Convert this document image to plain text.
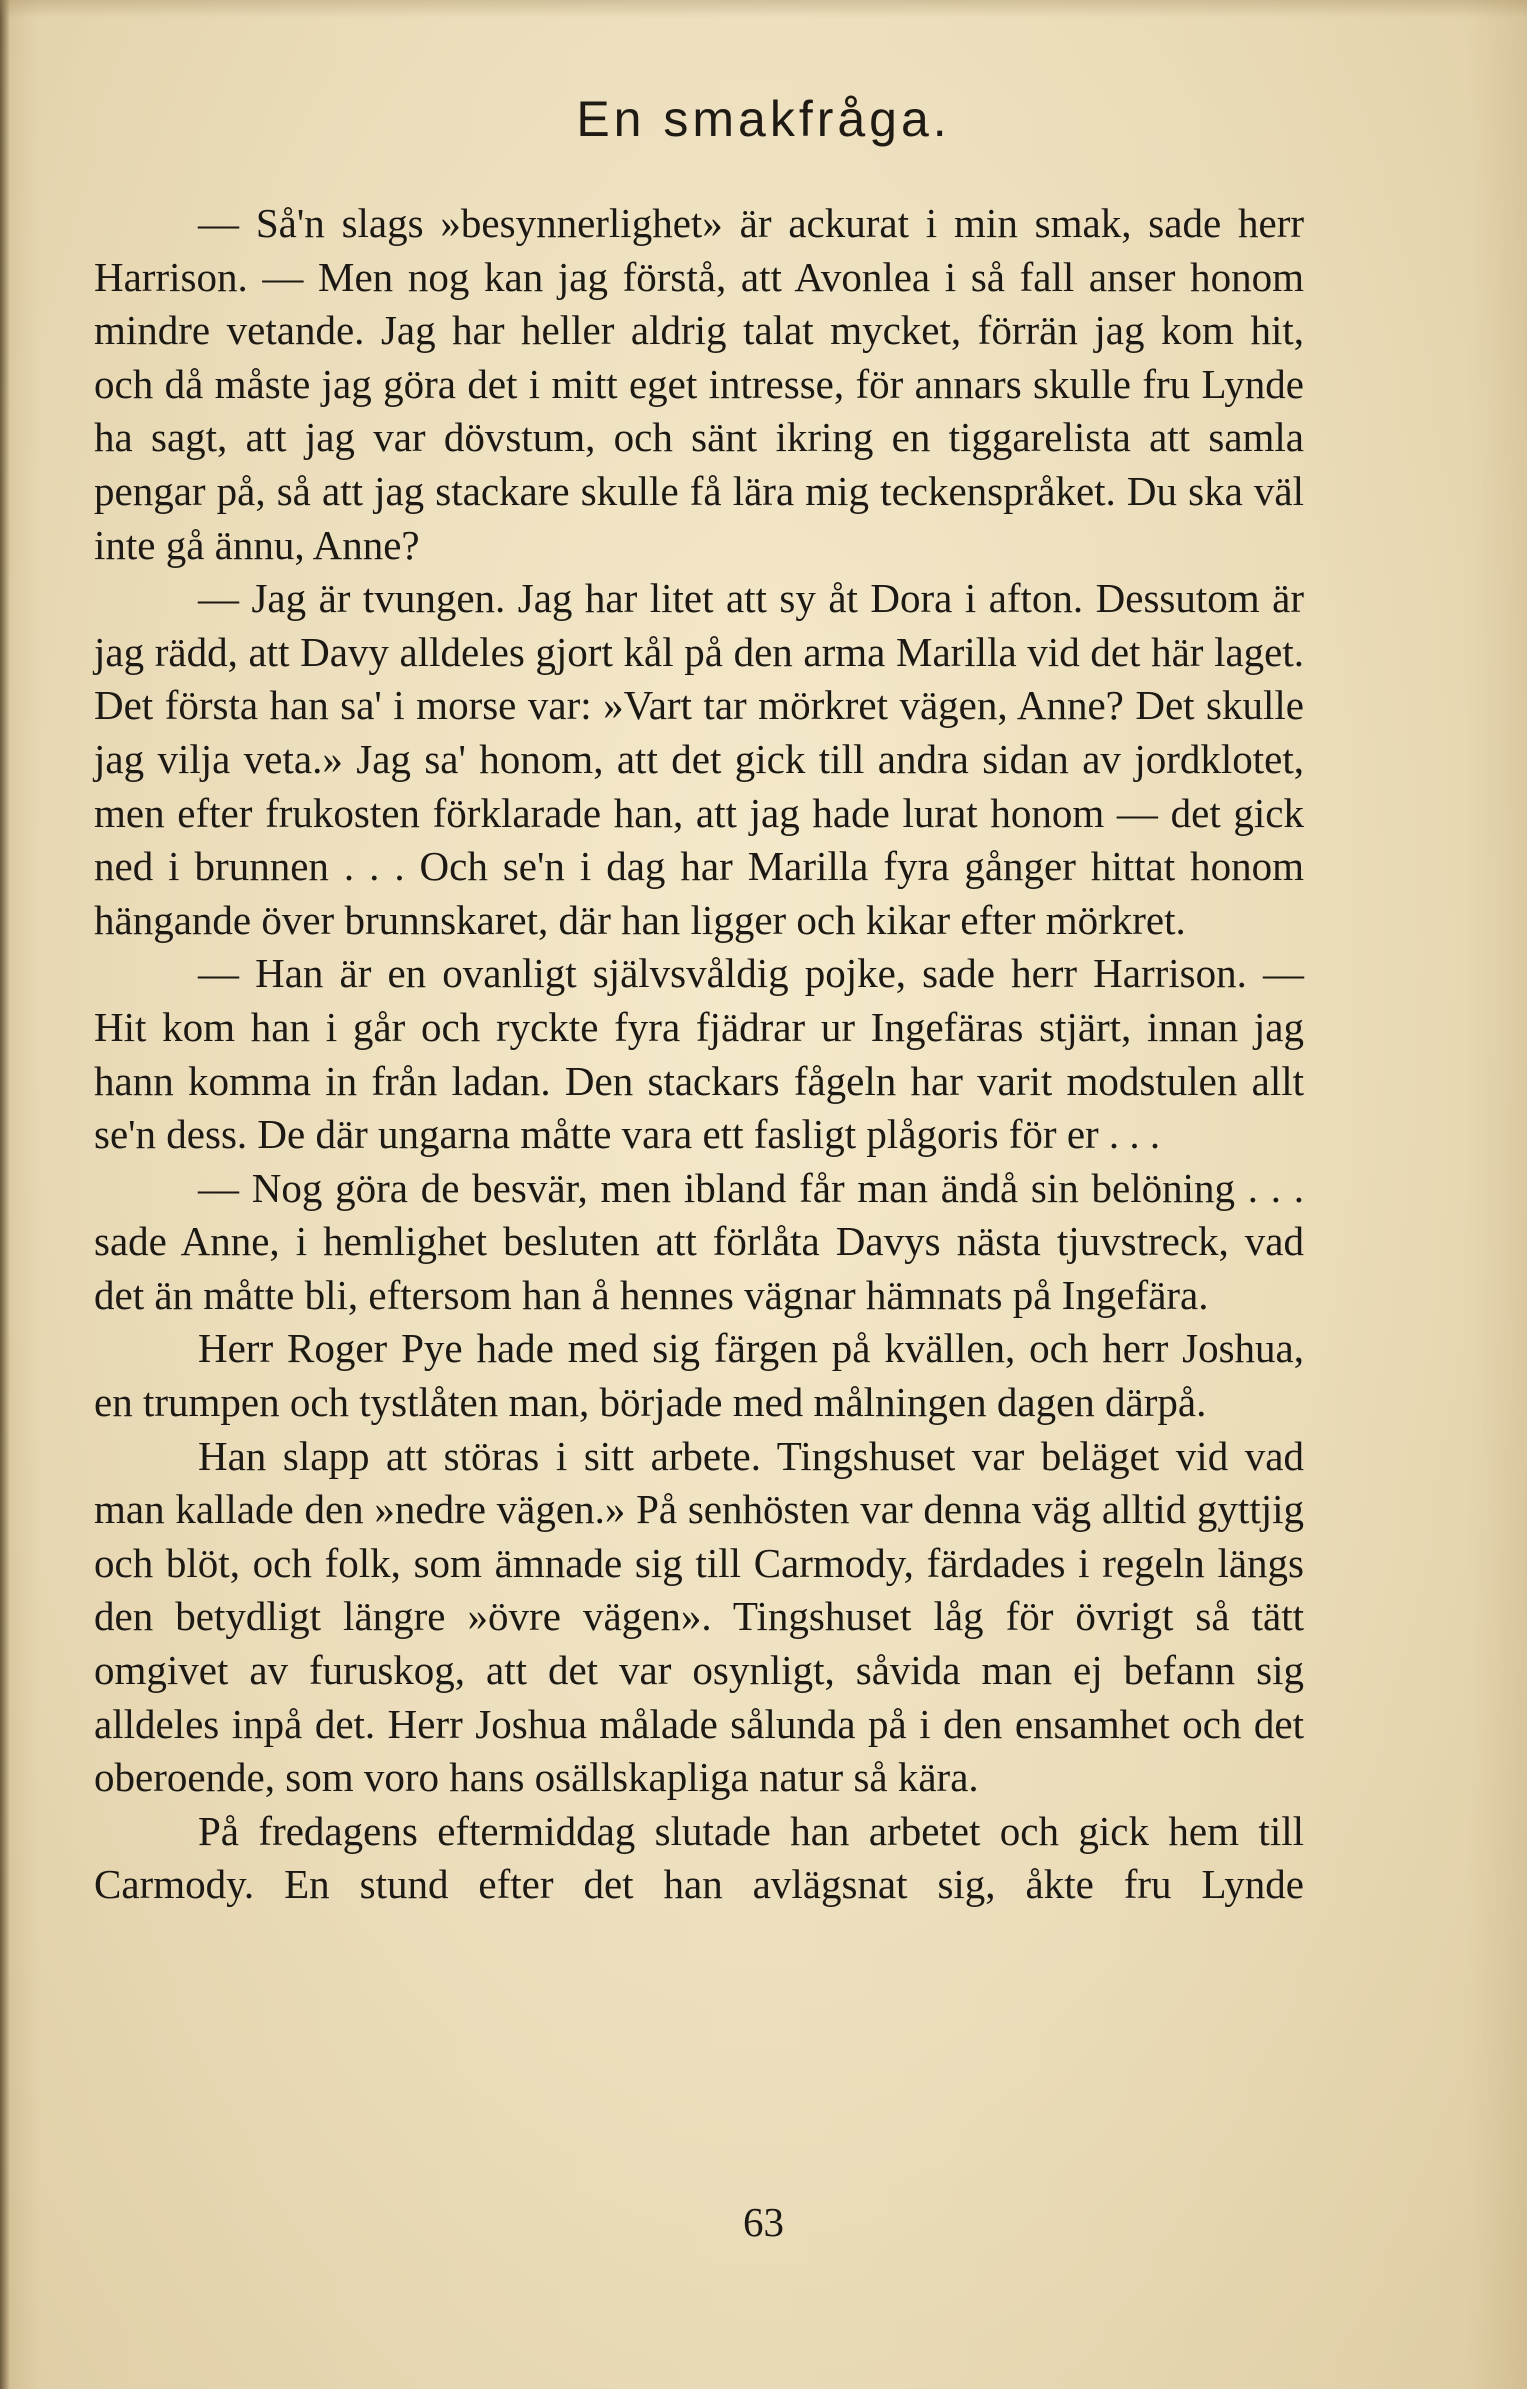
En smakfråga.

— Så'n slags »besynnerlighet» är ackurat i min smak, sade herr Harrison. — Men nog kan jag förstå, att Avonlea i så fall anser honom mindre vetande. Jag har heller aldrig talat mycket, förrän jag kom hit, och då måste jag göra det i mitt eget intresse, för annars skulle fru Lynde ha sagt, att jag var dövstum, och sänt ikring en tiggarelista att samla pengar på, så att jag stackare skulle få lära mig teckenspråket. Du ska väl inte gå ännu, Anne?

— Jag är tvungen. Jag har litet att sy åt Dora i afton. Dessutom är jag rädd, att Davy alldeles gjort kål på den arma Marilla vid det här laget. Det första han sa' i morse var: »Vart tar mörkret vägen, Anne? Det skulle jag vilja veta.» Jag sa' honom, att det gick till andra sidan av jordklotet, men efter frukosten förklarade han, att jag hade lurat honom — det gick ned i brunnen . . . Och se'n i dag har Marilla fyra gånger hittat honom hängande över brunnskaret, där han ligger och kikar efter mörkret.

— Han är en ovanligt självsvåldig pojke, sade herr Harrison. — Hit kom han i går och ryckte fyra fjädrar ur Ingefäras stjärt, innan jag hann komma in från ladan. Den stackars fågeln har varit modstulen allt se'n dess. De där ungarna måtte vara ett fasligt plågoris för er . . .

— Nog göra de besvär, men ibland får man ändå sin belöning . . . sade Anne, i hemlighet besluten att förlåta Davys nästa tjuvstreck, vad det än måtte bli, eftersom han å hennes vägnar hämnats på Ingefära.

Herr Roger Pye hade med sig färgen på kvällen, och herr Joshua, en trumpen och tystlåten man, började med målningen dagen därpå.

Han slapp att störas i sitt arbete. Tingshuset var beläget vid vad man kallade den »nedre vägen.» På senhösten var denna väg alltid gyttjig och blöt, och folk, som ämnade sig till Carmody, färdades i regeln längs den betydligt längre »övre vägen». Tingshuset låg för övrigt så tätt omgivet av furuskog, att det var osynligt, såvida man ej befann sig alldeles inpå det. Herr Joshua målade sålunda på i den ensamhet och det oberoende, som voro hans osällskapliga natur så kära.

På fredagens eftermiddag slutade han arbetet och gick hem till Carmody. En stund efter det han avlägsnat sig, åkte fru Lynde

63
